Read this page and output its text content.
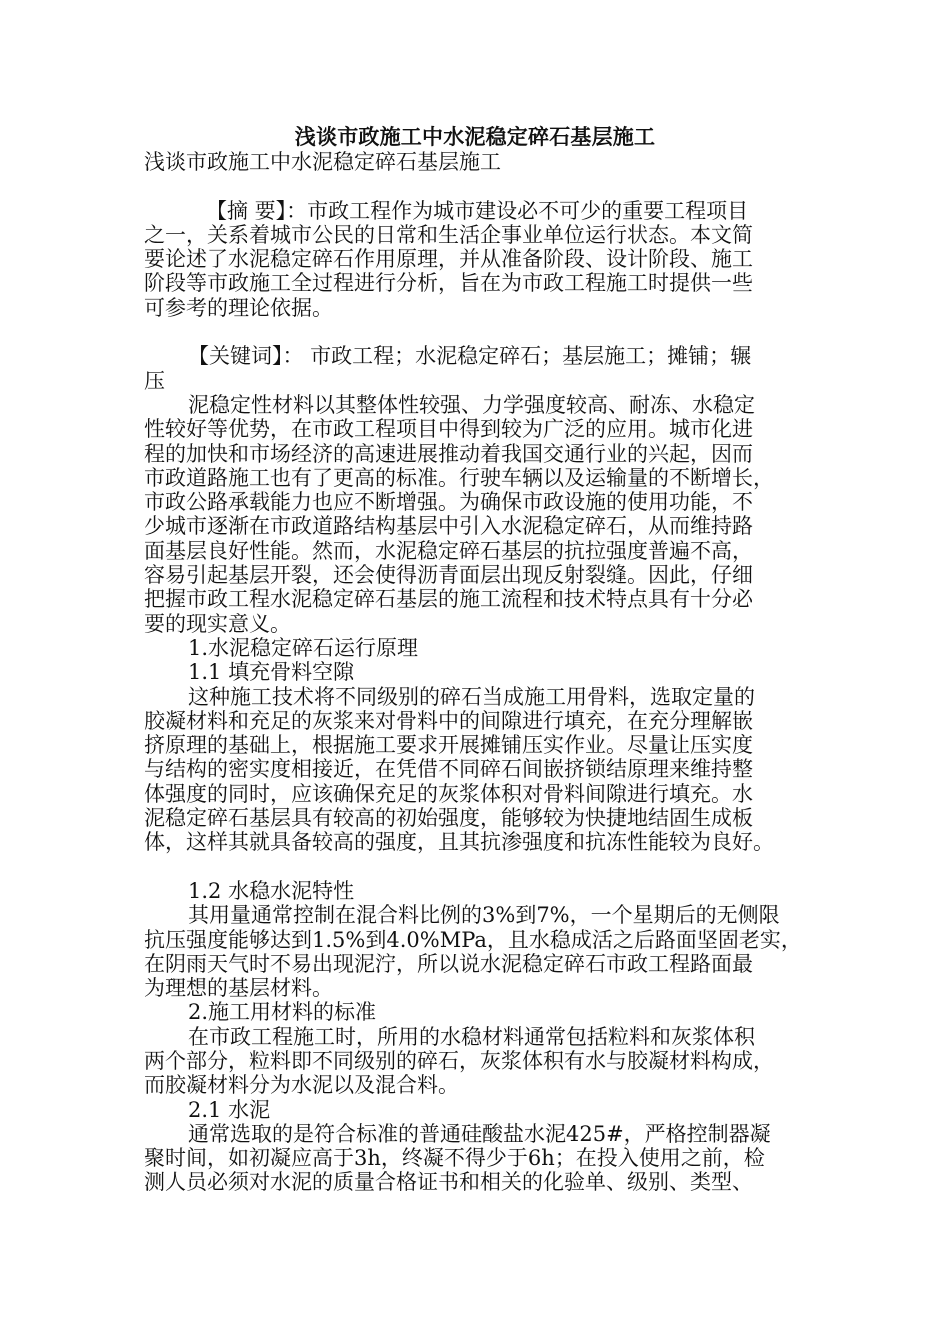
浅谈市政施工中水泥稳定碎石基层施工
浅谈市政施工中水泥稳定碎石基层施工
【摘 要】：市政工程作为城市建设必不可少的重要工程项目
之一，关系着城市公民的日常和生活企事业单位运行状态。本文简
要论述了水泥稳定碎石作用原理，并从准备阶段、设计阶段、施工
阶段等市政施工全过程进行分析，旨在为市政工程施工时提供一些
可参考的理论依据。
【关键词】： 市政工程；水泥稳定碎石；基层施工；摊铺；辗
压
泥稳定性材料以其整体性较强、力学强度较高、耐冻、水稳定
性较好等优势，在市政工程项目中得到较为广泛的应用。城市化进
程的加快和市场经济的高速进展推动着我国交通行业的兴起，因而
市政道路施工也有了更高的标准。行驶车辆以及运输量的不断增长，
市政公路承载能力也应不断增强。为确保市政设施的使用功能，不
少城市逐渐在市政道路结构基层中引入水泥稳定碎石，从而维持路
面基层良好性能。然而，水泥稳定碎石基层的抗拉强度普遍不高，
容易引起基层开裂，还会使得沥青面层出现反射裂缝。因此，仔细
把握市政工程水泥稳定碎石基层的施工流程和技术特点具有十分必
要的现实意义。
1.水泥稳定碎石运行原理
1.1 填充骨料空隙
这种施工技术将不同级别的碎石当成施工用骨料，选取定量的
胶凝材料和充足的灰浆来对骨料中的间隙进行填充，在充分理解嵌
挤原理的基础上，根据施工要求开展摊铺压实作业。尽量让压实度
与结构的密实度相接近，在凭借不同碎石间嵌挤锁结原理来维持整
体强度的同时，应该确保充足的灰浆体积对骨料间隙进行填充。水
泥稳定碎石基层具有较高的初始强度，能够较为快捷地结固生成板
体，这样其就具备较高的强度，且其抗渗强度和抗冻性能较为良好。
1.2 水稳水泥特性
其用量通常控制在混合料比例的3%到7%，一个星期后的无侧限
抗压强度能够达到1.5%到4.0%MPa，且水稳成活之后路面坚固老实，
在阴雨天气时不易出现泥泞，所以说水泥稳定碎石市政工程路面最
为理想的基层材料。
2.施工用材料的标准
在市政工程施工时，所用的水稳材料通常包括粒料和灰浆体积
两个部分，粒料即不同级别的碎石，灰浆体积有水与胶凝材料构成，
而胶凝材料分为水泥以及混合料。
2.1 水泥
通常选取的是符合标准的普通硅酸盐水泥425#，严格控制器凝
聚时间，如初凝应高于3h，终凝不得少于6h；在投入使用之前，检
测人员必须对水泥的质量合格证书和相关的化验单、级别、类型、
